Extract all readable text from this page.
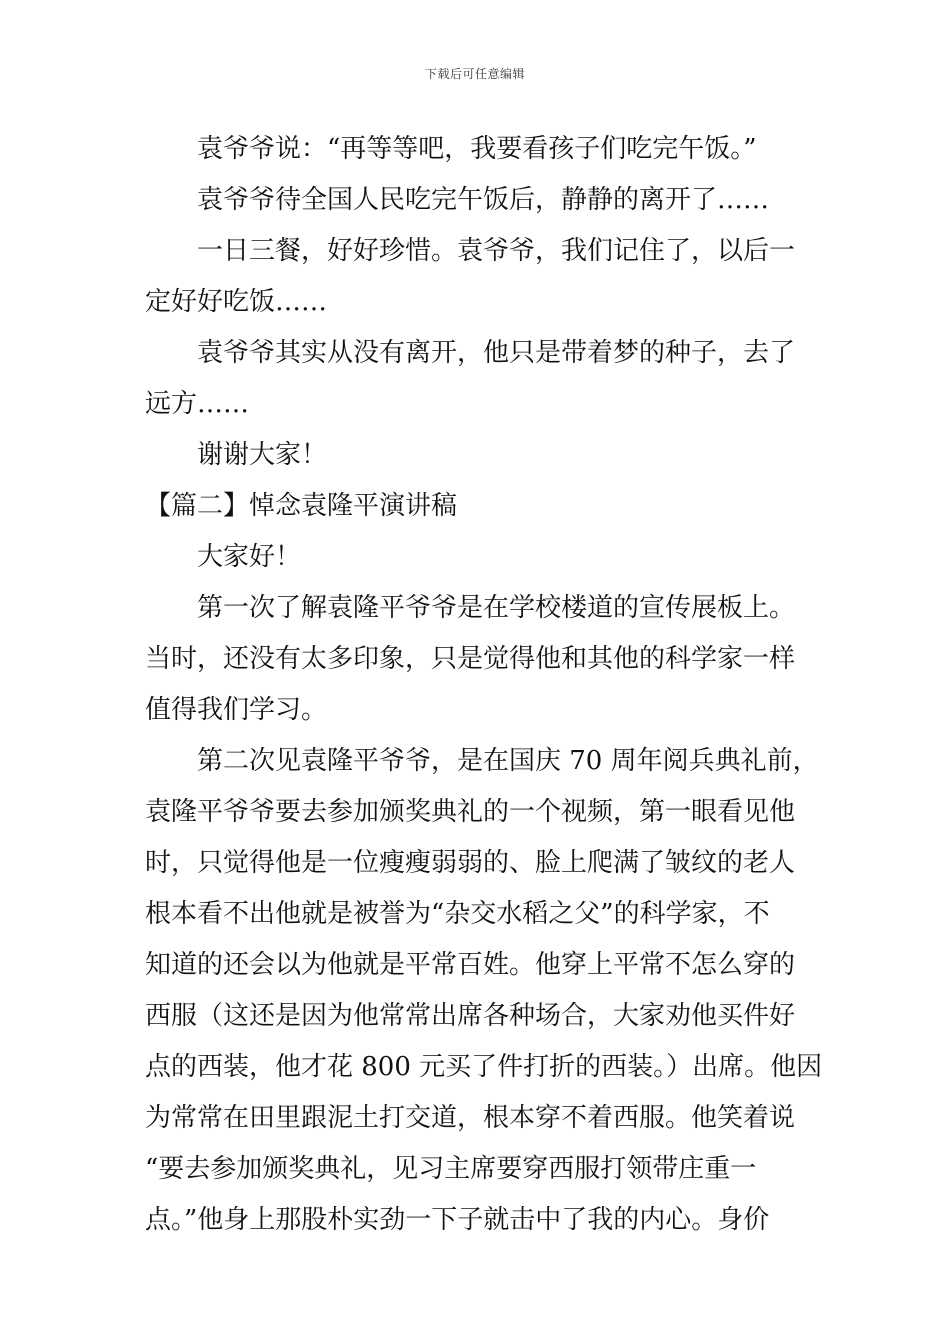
下载后可任意编辑
袁爷爷说：“再等等吧，我要看孩子们吃完午饭。”
袁爷爷待全国人民吃完午饭后，静静的离开了……
一日三餐，好好珍惜。袁爷爷，我们记住了，以后一
定好好吃饭……
袁爷爷其实从没有离开，他只是带着梦的种子，去了
远方……
谢谢大家！
【篇二】悼念袁隆平演讲稿
大家好！
第一次了解袁隆平爷爷是在学校楼道的宣传展板上。
当时，还没有太多印象，只是觉得他和其他的科学家一样
值得我们学习。
第二次见袁隆平爷爷，是在国庆 70 周年阅兵典礼前，
袁隆平爷爷要去参加颁奖典礼的一个视频，第一眼看见他
时，只觉得他是一位瘦瘦弱弱的、脸上爬满了皱纹的老人
根本看不出他就是被誉为“杂交水稻之父”的科学家，不
知道的还会以为他就是平常百姓。他穿上平常不怎么穿的
西服（这还是因为他常常出席各种场合，大家劝他买件好
点的西装，他才花 800 元买了件打折的西装。）出席。他因
为常常在田里跟泥土打交道，根本穿不着西服。他笑着说
“要去参加颁奖典礼，见习主席要穿西服打领带庄重一
点。”他身上那股朴实劲一下子就击中了我的内心。身价
